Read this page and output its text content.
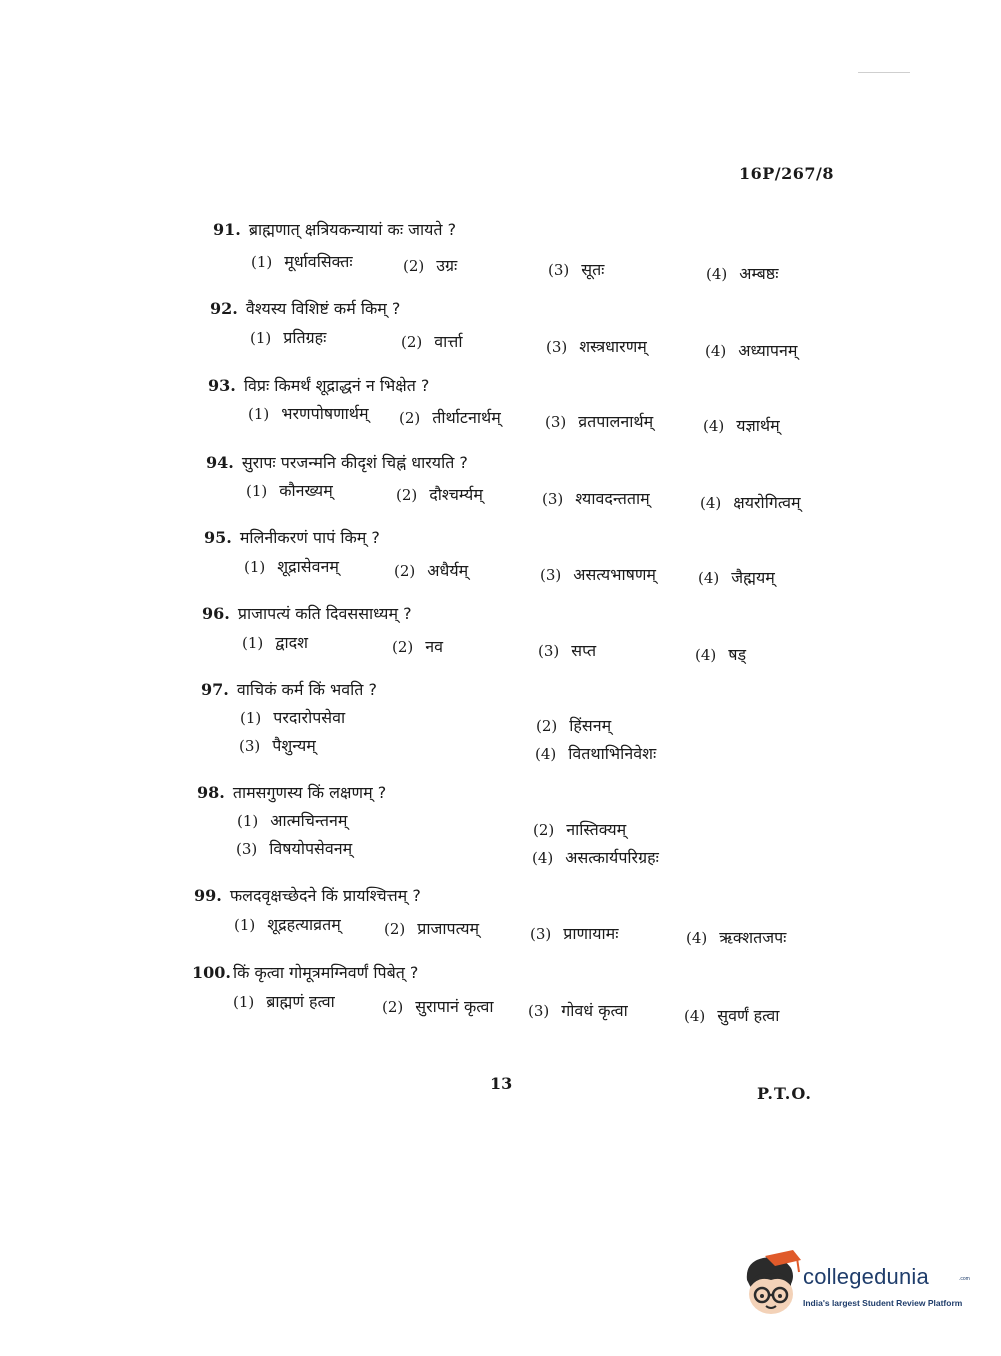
16P/267/8
91. ब्राह्मणात् क्षत्रियकन्यायां कः जायते ?
(1) मूर्धावसिक्तः	(2) उग्रः	(3) सूतः	(4) अम्बष्ठः
92. वैश्यस्य विशिष्टं कर्म किम् ?
(1) प्रतिग्रहः	(2) वार्त्ता	(3) शस्त्रधारणम्	(4) अध्यापनम्
93. विप्रः किमर्थं शूद्राद्धनं न भिक्षेत ?
(1) भरणपोषणार्थम् (2) तीर्थाटनार्थम्	(3) व्रतपालनार्थम्	(4) यज्ञार्थम्
94. सुरापः परजन्मनि कीदृशं चिह्नं धारयति ?
(1) कौनख्यम्	(2) दौश्चर्म्यम्	(3) श्यावदन्तताम्	(4) क्षयरोगित्वम्
95. मलिनीकरणं पापं किम् ?
(1) शूद्रासेवनम्	(2) अधैर्यम्	(3) असत्यभाषणम्	(4) जैह्मयम्
96. प्राजापत्यं कति दिवससाध्यम् ?
(1) द्वादश	(2) नव	(3) सप्त	(4) षड्
97. वाचिकं कर्म किं भवति ?
(1) परदारोपसेवा	(2) हिंसनम्
(3) पैशुन्यम्	(4) वितथाभिनिवेशः
98. तामसगुणस्य किं लक्षणम् ?
(1) आत्मचिन्तनम्	(2) नास्तिक्यम्
(3) विषयोपसेवनम्	(4) असत्कार्यपरिग्रहः
99. फलदवृक्षच्छेदने किं प्रायश्चित्तम् ?
(1) शूद्रहत्याव्रतम्	(2) प्राजापत्यम्	(3) प्राणायामः	(4) ऋक्शतजपः
100. किं कृत्वा गोमूत्रमग्निवर्णं पिबेत् ?
(1) ब्राह्मणं हत्वा	(2) सुरापानं कृत्वा (3) गोवधं कृत्वा	(4) सुवर्णं हत्वा
13
P.T.O.
collegedunia	.com
India's largest Student Review Platform
